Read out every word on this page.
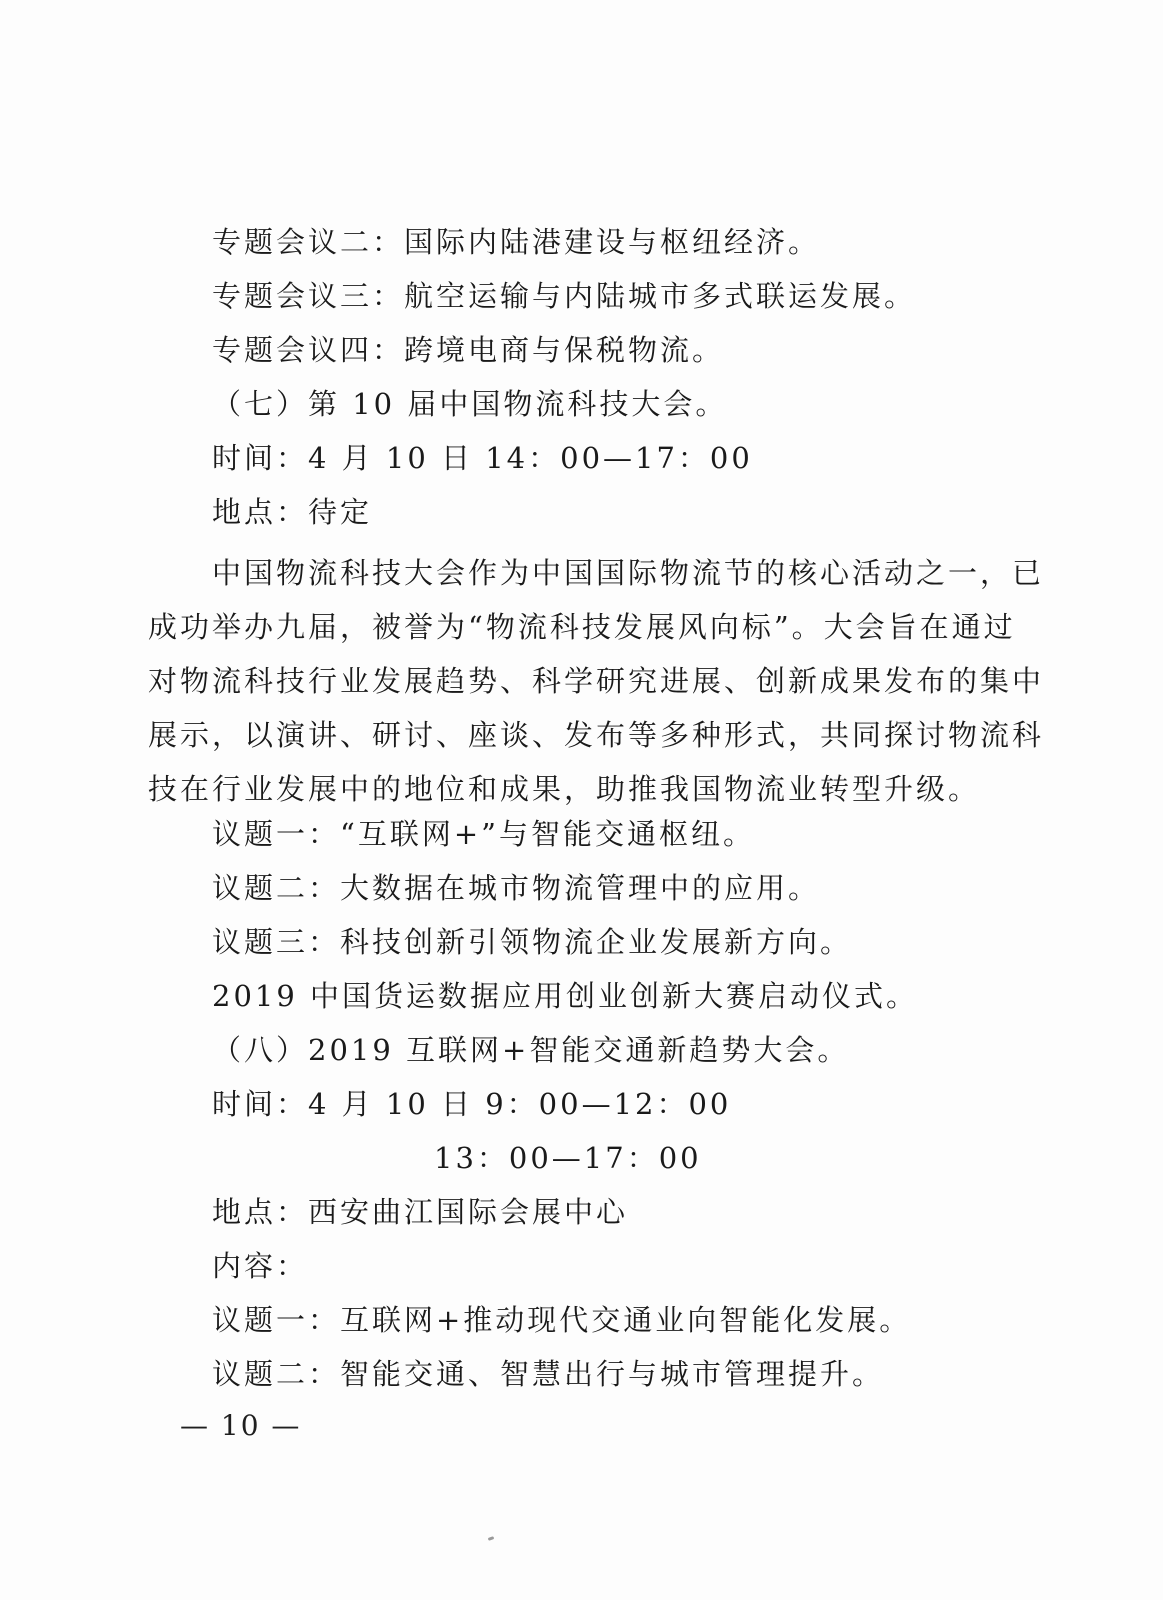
专题会议二：国际内陆港建设与枢纽经济。
专题会议三：航空运输与内陆城市多式联运发展。
专题会议四：跨境电商与保税物流。
（七）第 10 届中国物流科技大会。
时间：4 月 10 日 14：00—17：00
地点：待定
中国物流科技大会作为中国国际物流节的核心活动之一，已
成功举办九届，被誉为“物流科技发展风向标”。大会旨在通过
对物流科技行业发展趋势、科学研究进展、创新成果发布的集中
展示，以演讲、研讨、座谈、发布等多种形式，共同探讨物流科
技在行业发展中的地位和成果，助推我国物流业转型升级。
议题一：“互联网+”与智能交通枢纽。
议题二：大数据在城市物流管理中的应用。
议题三：科技创新引领物流企业发展新方向。
2019 中国货运数据应用创业创新大赛启动仪式。
（八）2019 互联网+智能交通新趋势大会。
时间：4 月 10 日 9：00—12：00
13：00—17：00
地点：西安曲江国际会展中心
内容：
议题一：互联网+推动现代交通业向智能化发展。
议题二：智能交通、智慧出行与城市管理提升。
— 10 —
